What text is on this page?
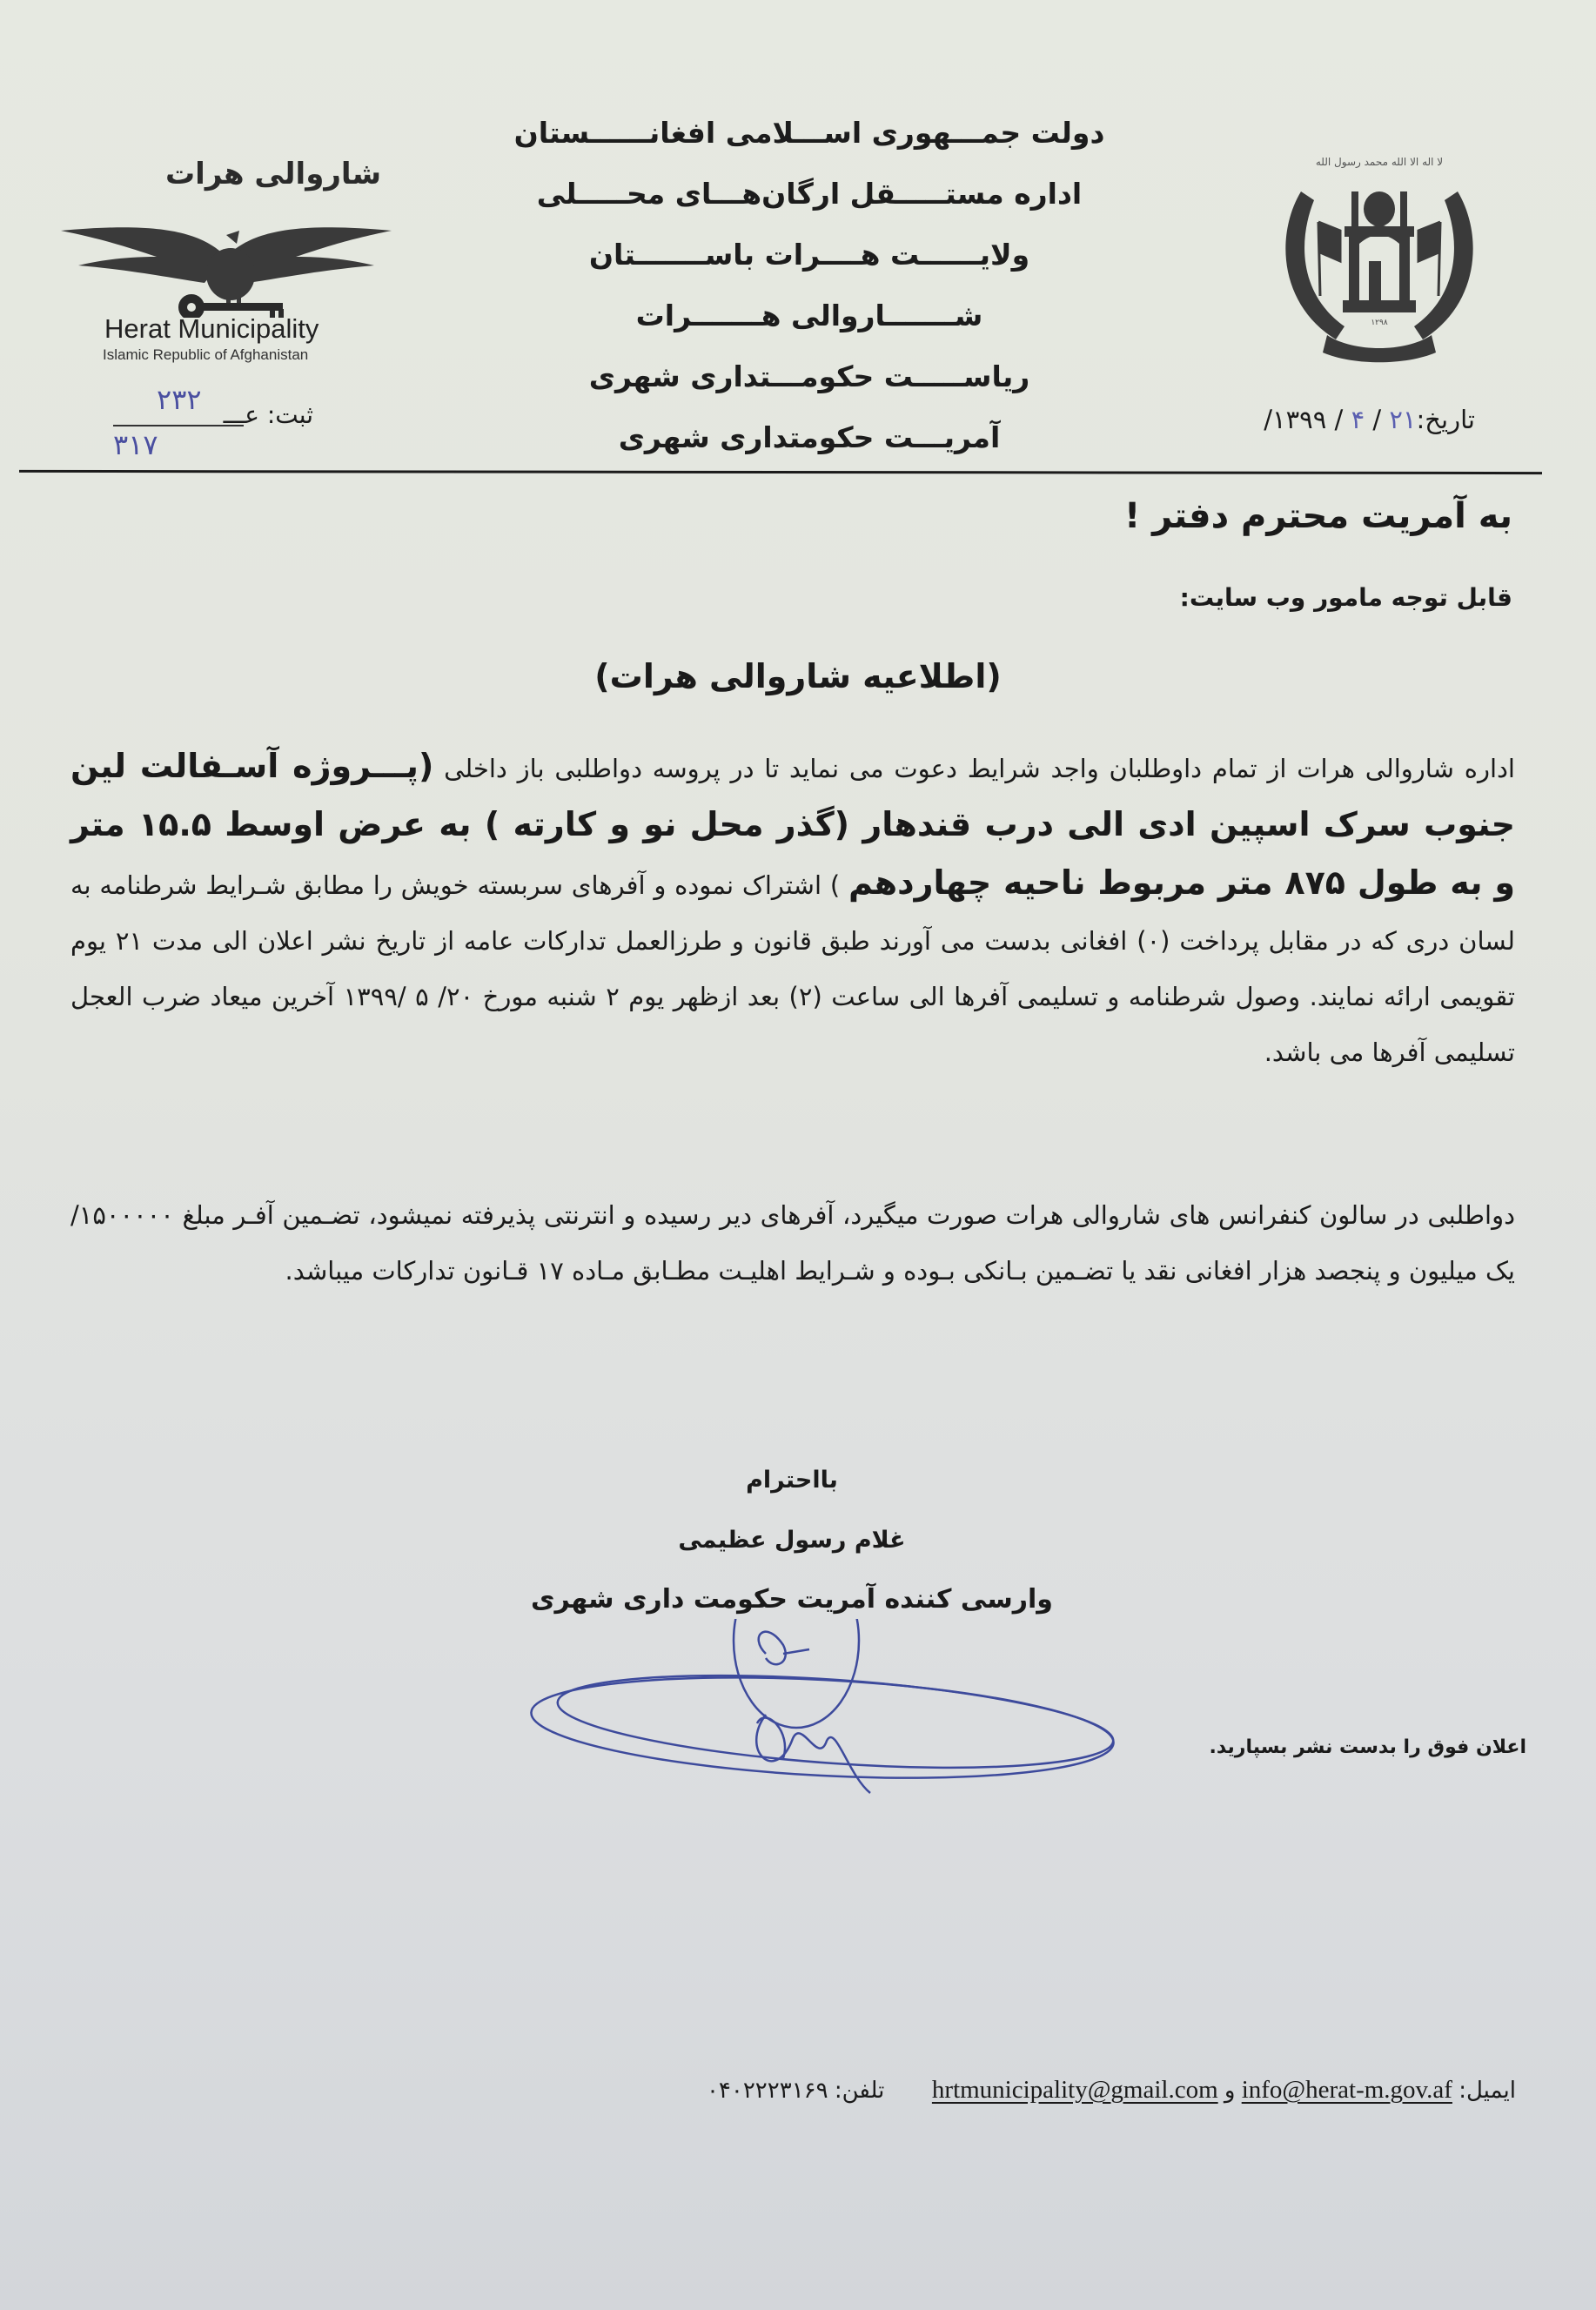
شاروالی هرات
Herat Municipality
Islamic Republic of Afghanistan
۲۳۲
۳۱۷
ثبت: عـــ
دولت جمـــهوری اســـلامی افغانــــــستان
اداره مستـــــقل ارگان‌هـــای محـــــلی
ولایــــــت هــــرات باســـــــتان
شـــــــاروالی هـــــــرات
ریاســـــت حکومـــتداری شهری
آمریـــت حکومتداری شهری
لا اله الا الله محمد رسول الله
۱۲۹۸
تاریخ:۲۱ / ۴ / ۱۳۹۹/
به آمریت محترم دفتر !
قابل توجه مامور وب سایت:
(اطلاعیه شاروالی هرات)
اداره شاروالی هرات از تمام داوطلبان واجد شرایط دعوت می نماید تا در پروسه دواطلبی باز داخلی (پـــروژه آسـفالت لین جنوب سرک اسپین ادی الی درب قندهار (گذر محل نو و کارته ) به عرض اوسط ۱۵.۵ متر و به طول ۸۷۵ متر مربوط ناحیه چهاردهم ) اشتراک نموده و آفرهای سربسته خویش را مطابق شـرایط شرطنامه به لسان دری که در مقابل پرداخت (۰) افغانی بدست می آورند طبق قانون و طرزالعمل تدارکات عامه از تاریخ نشر اعلان الی مدت ۲۱ یوم تقویمی ارائه نمایند. وصول شرطنامه و تسلیمی آفرها الی ساعت (۲) بعد ازظهر یوم ۲ شنبه مورخ ۲۰/ ۵ /۱۳۹۹ آخرین میعاد ضرب العجل تسلیمی آفرها می باشد.
دواطلبی در سالون کنفرانس های شاروالی هرات صورت میگیرد، آفرهای دیر رسیده و انترنتی پذیرفته نمیشود، تضـمین آفـر مبلغ ۱۵۰۰۰۰۰/ یک میلیون و پنجصد هزار افغانی نقد یا تضـمین بـانکی بـوده و شـرایط اهلیـت مطـابق مـاده ۱۷ قـانون تدارکات میباشد.
بااحترام
غلام رسول عظیمی
وارسی کننده آمریت حکومت داری شهری
اعلان فوق را بدست نشر بسپارید.
ایمیل: info@herat-m.gov.af و hrtmunicipality@gmail.com  تلفن: ۰۴۰۲۲۲۳۱۶۹
